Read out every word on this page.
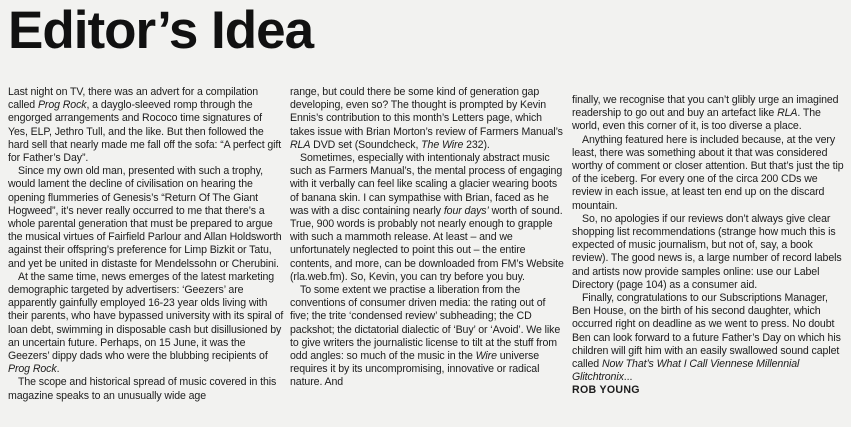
Editor’s Idea

Last night on TV, there was an advert for a compilation called Prog Rock, a dayglo-sleeved romp through the engorged arrangements and Rococo time signatures of Yes, ELP, Jethro Tull, and the like. But then followed the hard sell that nearly made me fall off the sofa: “A perfect gift for Father’s Day”.

Since my own old man, presented with such a trophy, would lament the decline of civilisation on hearing the opening flummeries of Genesis’s “Return Of The Giant Hogweed”, it’s never really occurred to me that there’s a whole parental generation that must be prepared to argue the musical virtues of Fairfield Parlour and Allan Holdsworth against their offspring’s preference for Limp Bizkit or Tatu, and yet be united in distaste for Mendelssohn or Cherubini.

At the same time, news emerges of the latest marketing demographic targeted by advertisers: ‘Geezers’ are apparently gainfully employed 16-23 year olds living with their parents, who have bypassed university with its spiral of loan debt, swimming in disposable cash but disillusioned by an uncertain future. Perhaps, on 15 June, it was the Geezers’ dippy dads who were the blubbing recipients of Prog Rock.

The scope and historical spread of music covered in this magazine speaks to an unusually wide age

range, but could there be some kind of generation gap developing, even so? The thought is prompted by Kevin Ennis’s contribution to this month’s Letters page, which takes issue with Brian Morton’s review of Farmers Manual’s RLA DVD set (Soundcheck, The Wire 232).

Sometimes, especially with intentionaly abstract music such as Farmers Manual’s, the mental process of engaging with it verbally can feel like scaling a glacier wearing boots of banana skin. I can sympathise with Brian, faced as he was with a disc containing nearly four days’ worth of sound. True, 900 words is probably not nearly enough to grapple with such a mammoth release. At least – and we unfortunately neglected to point this out – the entire contents, and more, can be downloaded from FM’s Website (rla.web.fm). So, Kevin, you can try before you buy.

To some extent we practise a liberation from the conventions of consumer driven media: the rating out of five; the trite ‘condensed review’ subheading; the CD packshot; the dictatorial dialectic of ‘Buy’ or ‘Avoid’. We like to give writers the journalistic license to tilt at the stuff from odd angles: so much of the music in the Wire universe requires it by its uncompromising, innovative or radical nature. And

finally, we recognise that you can’t glibly urge an imagined readership to go out and buy an artefact like RLA. The world, even this corner of it, is too diverse a place.

Anything featured here is included because, at the very least, there was something about it that was considered worthy of comment or closer attention. But that’s just the tip of the iceberg. For every one of the circa 200 CDs we review in each issue, at least ten end up on the discard mountain.

So, no apologies if our reviews don’t always give clear shopping list recommendations (strange how much this is expected of music journalism, but not of, say, a book review). The good news is, a large number of record labels and artists now provide samples online: use our Label Directory (page 104) as a consumer aid.

Finally, congratulations to our Subscriptions Manager, Ben House, on the birth of his second daughter, which occurred right on deadline as we went to press. No doubt Ben can look forward to a future Father’s Day on which his children will gift him with an easily swallowed sound caplet called Now That’s What I Call Viennese Millennial Glitchtronix...

ROB YOUNG
